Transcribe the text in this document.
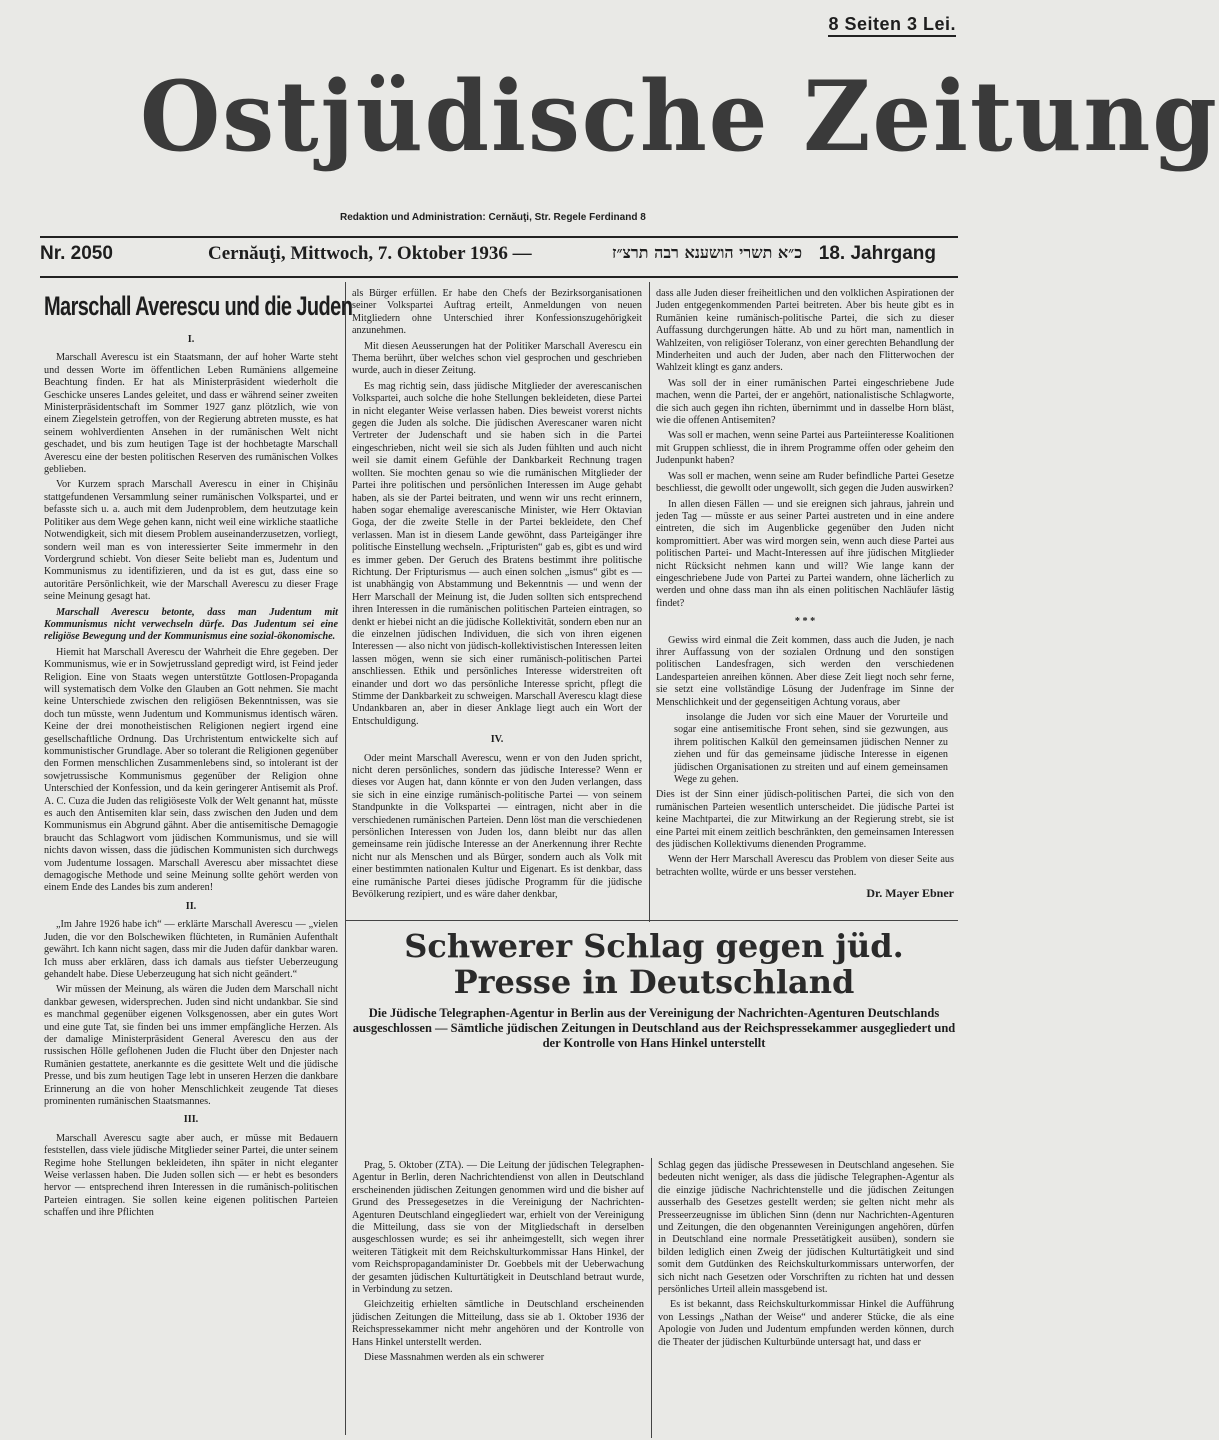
8 Seiten 3 Lei.
Ostjüdische Zeitung
Redaktion und Administration: Cernăuţi, Str. Regele Ferdinand 8
Nr. 2050	Cernăuţi, Mittwoch, 7. Oktober 1936 —	כ״א תשרי הושענא רבה תרצ״ז 18. Jahrgang
Marschall Averescu und die Juden

I.

Marschall Averescu ist ein Staatsmann, der auf hoher Warte steht und dessen Worte im öffentlichen Leben Rumäniens allgemeine Beachtung finden. Er hat als Ministerpräsident wiederholt die Geschicke unseres Landes geleitet, und dass er während seiner zweiten Ministerpräsidentschaft im Sommer 1927 ganz plötzlich, wie von einem Ziegelstein getroffen, von der Regierung abtreten musste, es hat seinem wohlverdienten Ansehen in der rumänischen Welt nicht geschadet, und bis zum heutigen Tage ist der hochbetagte Marschall Averescu eine der besten politischen Reserven des rumänischen Volkes geblieben.

Vor Kurzem sprach Marschall Averescu in einer in Chişinău stattgefundenen Versammlung seiner rumänischen Volkspartei, und er befasste sich u. a. auch mit dem Judenproblem, dem heutzutage kein Politiker aus dem Wege gehen kann, nicht weil eine wirkliche staatliche Notwendigkeit, sich mit diesem Problem auseinanderzusetzen, vorliegt, sondern weil man es von interessierter Seite immermehr in den Vordergrund schiebt. Von dieser Seite beliebt man es, Judentum und Kommunismus zu identifizieren, und da ist es gut, dass eine so autoritäre Persönlichkeit, wie der Marschall Averescu zu dieser Frage seine Meinung gesagt hat.

Marschall Averescu betonte, dass man Judentum mit Kommunismus nicht verwechseln dürfe. Das Judentum sei eine religiöse Bewegung und der Kommunismus eine sozial-ökonomische.

Hiemit hat Marschall Averescu der Wahrheit die Ehre gegeben. Der Kommunismus, wie er in Sowjetrussland gepredigt wird, ist Feind jeder Religion. Eine von Staats wegen unterstützte Gottlosen-Propaganda will systematisch dem Volke den Glauben an Gott nehmen. Sie macht keine Unterschiede zwischen den religiösen Bekenntnissen, was sie doch tun müsste, wenn Judentum und Kommunismus identisch wären. Keine der drei monotheistischen Religionen negiert irgend eine gesellschaftliche Ordnung. Das Urchristentum entwickelte sich auf kommunistischer Grundlage. Aber so tolerant die Religionen gegenüber den Formen menschlichen Zusammenlebens sind, so intolerant ist der sowjetrussische Kommunismus gegenüber der Religion ohne Unterschied der Konfession, und da kein geringerer Antisemit als Prof. A. C. Cuza die Juden das religiöseste Volk der Welt genannt hat, müsste es auch den Antisemiten klar sein, dass zwischen den Juden und dem Kommunismus ein Abgrund gähnt. Aber die antisemitische Demagogie braucht das Schlagwort vom jüdischen Kommunismus, und sie will nichts davon wissen, dass die jüdischen Kommunisten sich durchwegs vom Judentume lossagen. Marschall Averescu aber missachtet diese demagogische Methode und seine Meinung sollte gehört werden von einem Ende des Landes bis zum anderen!

II.

„Im Jahre 1926 habe ich“ — erklärte Marschall Averescu — „vielen Juden, die vor den Bolschewiken flüchteten, in Rumänien Aufenthalt gewährt. Ich kann nicht sagen, dass mir die Juden dafür dankbar waren. Ich muss aber erklären, dass ich damals aus tiefster Ueberzeugung gehandelt habe. Diese Ueberzeugung hat sich nicht geändert.“

Wir müssen der Meinung, als wären die Juden dem Marschall nicht dankbar gewesen, widersprechen. Juden sind nicht undankbar. Sie sind es manchmal gegenüber eigenen Volksgenossen, aber ein gutes Wort und eine gute Tat, sie finden bei uns immer empfängliche Herzen. Als der damalige Ministerpräsident General Averescu den aus der russischen Hölle geflohenen Juden die Flucht über den Dnjester nach Rumänien gestattete, anerkannte es die gesittete Welt und die jüdische Presse, und bis zum heutigen Tage lebt in unseren Herzen die dankbare Erinnerung an die von hoher Menschlichkeit zeugende Tat dieses prominenten rumänischen Staatsmannes.

III.

Marschall Averescu sagte aber auch, er müsse mit Bedauern feststellen, dass viele jüdische Mitglieder seiner Partei, die unter seinem Regime hohe Stellungen bekleideten, ihn später in nicht eleganter Weise verlassen haben. Die Juden sollen sich — er hebt es besonders hervor — entsprechend ihren Interessen in die rumänisch-politischen Parteien eintragen. Sie sollen keine eigenen politischen Parteien schaffen und ihre Pflichten

als Bürger erfüllen. Er habe den Chefs der Bezirksorganisationen seiner Volkspartei Auftrag erteilt, Anmeldungen von neuen Mitgliedern ohne Unterschied ihrer Konfessionszugehörigkeit anzunehmen.

Mit diesen Aeusserungen hat der Politiker Marschall Averescu ein Thema berührt, über welches schon viel gesprochen und geschrieben wurde, auch in dieser Zeitung.

Es mag richtig sein, dass jüdische Mitglieder der averescanischen Volkspartei, auch solche die hohe Stellungen bekleideten, diese Partei in nicht eleganter Weise verlassen haben. Dies beweist vorerst nichts gegen die Juden als solche. Die jüdischen Averescaner waren nicht Vertreter der Judenschaft und sie haben sich in die Partei eingeschrieben, nicht weil sie sich als Juden fühlten und auch nicht weil sie damit einem Gefühle der Dankbarkeit Rechnung tragen wollten. Sie mochten genau so wie die rumänischen Mitglieder der Partei ihre politischen und persönlichen Interessen im Auge gehabt haben, als sie der Partei beitraten, und wenn wir uns recht erinnern, haben sogar ehemalige averescanische Minister, wie Herr Oktavian Goga, der die zweite Stelle in der Partei bekleidete, den Chef verlassen. Man ist in diesem Lande gewöhnt, dass Parteigänger ihre politische Einstellung wechseln. „Fripturisten“ gab es, gibt es und wird es immer geben. Der Geruch des Bratens bestimmt ihre politische Richtung. Der Fripturismus — auch einen solchen „ismus“ gibt es — ist unabhängig von Abstammung und Bekenntnis — und wenn der Herr Marschall der Meinung ist, die Juden sollten sich entsprechend ihren Interessen in die rumänischen politischen Parteien eintragen, so denkt er hiebei nicht an die jüdische Kollektivität, sondern eben nur an die einzelnen jüdischen Individuen, die sich von ihren eigenen Interessen — also nicht von jüdisch-kollektivistischen Interessen leiten lassen mögen, wenn sie sich einer rumänisch-politischen Partei anschliessen. Ethik und persönliches Interesse widerstreiten oft einander und dort wo das persönliche Interesse spricht, pflegt die Stimme der Dankbarkeit zu schweigen. Marschall Averescu klagt diese Undankbaren an, aber in dieser Anklage liegt auch ein Wort der Entschuldigung.

IV.

Oder meint Marschall Averescu, wenn er von den Juden spricht, nicht deren persönliches, sondern das jüdische Interesse? Wenn er dieses vor Augen hat, dann könnte er von den Juden verlangen, dass sie sich in eine einzige rumänisch-politische Partei — von seinem Standpunkte in die Volkspartei — eintragen, nicht aber in die verschiedenen rumänischen Parteien. Denn löst man die verschiedenen persönlichen Interessen von Juden los, dann bleibt nur das allen gemeinsame rein jüdische Interesse an der Anerkennung ihrer Rechte nicht nur als Menschen und als Bürger, sondern auch als Volk mit einer bestimmten nationalen Kultur und Eigenart. Es ist denkbar, dass eine rumänische Partei dieses jüdische Programm für die jüdische Bevölkerung rezipiert, und es wäre daher denkbar,

dass alle Juden dieser freiheitlichen und den volklichen Aspirationen der Juden entgegenkommenden Partei beitreten. Aber bis heute gibt es in Rumänien keine rumänisch-politische Partei, die sich zu dieser Auffassung durchgerungen hätte. Ab und zu hört man, namentlich in Wahlzeiten, von religiöser Toleranz, von einer gerechten Behandlung der Minderheiten und auch der Juden, aber nach den Flitterwochen der Wahlzeit klingt es ganz anders.

Was soll der in einer rumänischen Partei eingeschriebene Jude machen, wenn die Partei, der er angehört, nationalistische Schlagworte, die sich auch gegen ihn richten, übernimmt und in dasselbe Horn bläst, wie die offenen Antisemiten?

Was soll er machen, wenn seine Partei aus Parteiinteresse Koalitionen mit Gruppen schliesst, die in ihrem Programme offen oder geheim den Judenpunkt haben?

Was soll er machen, wenn seine am Ruder befindliche Partei Gesetze beschliesst, die gewollt oder ungewollt, sich gegen die Juden auswirken?

In allen diesen Fällen — und sie ereignen sich jahraus, jahrein und jeden Tag — müsste er aus seiner Partei austreten und in eine andere eintreten, die sich im Augenblicke gegenüber den Juden nicht kompromittiert. Aber was wird morgen sein, wenn auch diese Partei aus politischen Partei- und Macht-Interessen auf ihre jüdischen Mitglieder nicht Rücksicht nehmen kann und will? Wie lange kann der eingeschriebene Jude von Partei zu Partei wandern, ohne lächerlich zu werden und ohne dass man ihn als einen politischen Nachläufer lästig findet?

* * *

Gewiss wird einmal die Zeit kommen, dass auch die Juden, je nach ihrer Auffassung von der sozialen Ordnung und den sonstigen politischen Landesfragen, sich werden den verschiedenen Landesparteien anreihen können. Aber diese Zeit liegt noch sehr ferne, sie setzt eine vollständige Lösung der Judenfrage im Sinne der Menschlichkeit und der gegenseitigen Achtung voraus, aber

insolange die Juden vor sich eine Mauer der Vorurteile und sogar eine antisemitische Front sehen, sind sie gezwungen, aus ihrem politischen Kalkül den gemeinsamen jüdischen Nenner zu ziehen und für das gemeinsame jüdische Interesse in eigenen jüdischen Organisationen zu streiten und auf einem gemeinsamen Wege zu gehen.

Dies ist der Sinn einer jüdisch-politischen Partei, die sich von den rumänischen Parteien wesentlich unterscheidet. Die jüdische Partei ist keine Machtpartei, die zur Mitwirkung an der Regierung strebt, sie ist eine Partei mit einem zeitlich beschränkten, den gemeinsamen Interessen des jüdischen Kollektivums dienenden Programme.

Wenn der Herr Marschall Averescu das Problem von dieser Seite aus betrachten wollte, würde er uns besser verstehen.

Dr. Mayer Ebner

Schwerer Schlag gegen jüd.
Presse in Deutschland
Die Jüdische Telegraphen-Agentur in Berlin aus der Vereinigung der Nachrichten-Agenturen Deutschlands ausgeschlossen — Sämtliche jüdischen Zeitungen in Deutschland aus der Reichspressekammer ausgegliedert und der Kontrolle von Hans Hinkel unterstellt

Prag, 5. Oktober (ZTA). — Die Leitung der jüdischen Telegraphen-Agentur in Berlin, deren Nachrichtendienst von allen in Deutschland erscheinenden jüdischen Zeitungen genommen wird und die bisher auf Grund des Pressegesetzes in die Vereinigung der Nachrichten-Agenturen Deutschland eingegliedert war, erhielt von der Vereinigung die Mitteilung, dass sie von der Mitgliedschaft in derselben ausgeschlossen wurde; es sei ihr anheimgestellt, sich wegen ihrer weiteren Tätigkeit mit dem Reichskulturkommissar Hans Hinkel, der vom Reichspropagandaminister Dr. Goebbels mit der Ueberwachung der gesamten jüdischen Kulturtätigkeit in Deutschland betraut wurde, in Verbindung zu setzen.

Gleichzeitig erhielten sämtliche in Deutschland erscheinenden jüdischen Zeitungen die Mitteilung, dass sie ab 1. Oktober 1936 der Reichspressekammer nicht mehr angehören und der Kontrolle von Hans Hinkel unterstellt werden.

Diese Massnahmen werden als ein schwerer

Schlag gegen das jüdische Pressewesen in Deutschland angesehen. Sie bedeuten nicht weniger, als dass die jüdische Telegraphen-Agentur als die einzige jüdische Nachrichtenstelle und die jüdischen Zeitungen ausserhalb des Gesetzes gestellt werden; sie gelten nicht mehr als Presseerzeugnisse im üblichen Sinn (denn nur Nachrichten-Agenturen und Zeitungen, die den obgenannten Vereinigungen angehören, dürfen in Deutschland eine normale Pressetätigkeit ausüben), sondern sie bilden lediglich einen Zweig der jüdischen Kulturtätigkeit und sind somit dem Gutdünken des Reichskulturkommissars unterworfen, der sich nicht nach Gesetzen oder Vorschriften zu richten hat und dessen persönliches Urteil allein massgebend ist.

Es ist bekannt, dass Reichskulturkommissar Hinkel die Aufführung von Lessings „Nathan der Weise“ und anderer Stücke, die als eine Apologie von Juden und Judentum empfunden werden können, durch die Theater der jüdischen Kulturbünde untersagt hat, und dass er
